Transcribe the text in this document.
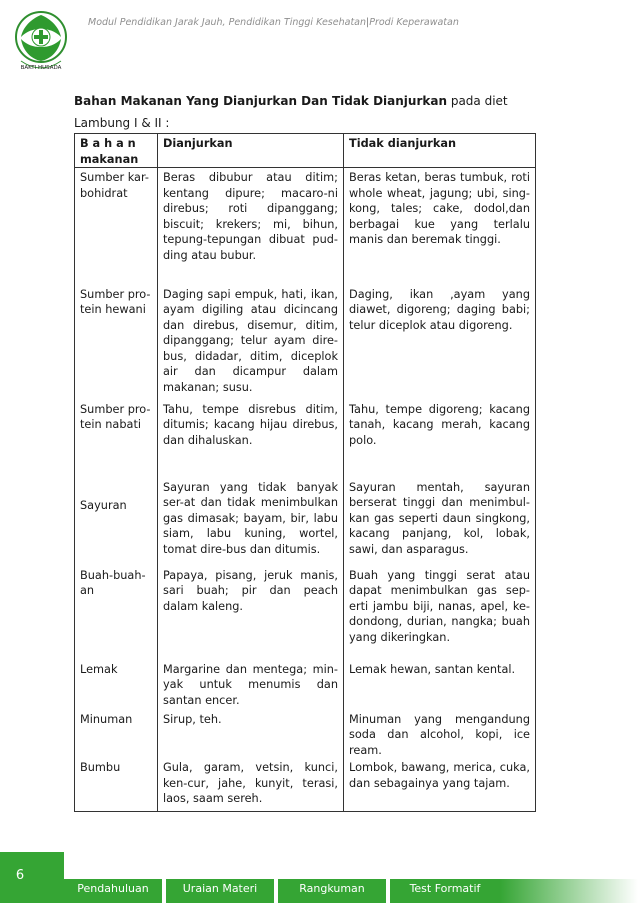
BAKTI HUSADA
Modul Pendidikan Jarak Jauh, Pendidikan Tinggi Kesehatan|Prodi Keperawatan
Bahan Makanan Yang Dianjurkan Dan Tidak Dianjurkan pada diet Lambung I & II :
B a h a n
makanan	Dianjurkan	Tidak dianjurkan
Sumber kar-bohidrat	Beras dibubur atau ditim; kentang dipure; macaro-ni direbus; roti dipanggang; biscuit; krekers; mi, bihun, tepung-tepungan dibuat pud-ding atau bubur.	Beras ketan, beras tumbuk, roti whole wheat, jagung; ubi, sing-kong, tales; cake, dodol,dan berbagai kue yang terlalu manis dan beremak tinggi.
Sumber pro-tein hewani	Daging sapi empuk, hati, ikan, ayam digiling atau dicincang dan direbus, disemur, ditim, dipanggang; telur ayam dire-bus, didadar, ditim, diceplok air dan dicampur dalam makanan; susu.	Daging, ikan ,ayam yang diawet, digoreng; daging babi; telur diceplok atau digoreng.
Sumber pro-tein nabati	Tahu, tempe disrebus ditim, ditumis; kacang hijau direbus, dan dihaluskan.	Tahu, tempe digoreng; kacang tanah, kacang merah, kacang polo.
Sayuran	Sayuran yang tidak banyak ser-at dan tidak menimbulkan gas dimasak; bayam, bir, labu siam, labu kuning, wortel, tomat dire-bus dan ditumis.	Sayuran mentah, sayuran berserat tinggi dan menimbul-kan gas seperti daun singkong, kacang panjang, kol, lobak, sawi, dan asparagus.
Buah-buah-an	Papaya, pisang, jeruk manis, sari buah; pir dan peach dalam kaleng.	Buah yang tinggi serat atau dapat menimbulkan gas sep-erti jambu biji, nanas, apel, ke-dondong, durian, nangka; buah yang dikeringkan.
Lemak	Margarine dan mentega; min-yak untuk menumis dan santan encer.	Lemak hewan, santan kental.
Minuman	Sirup, teh.	Minuman yang mengandung soda dan alcohol, kopi, ice ream.
Bumbu	Gula, garam, vetsin, kunci, ken-cur, jahe, kunyit, terasi, laos, saam sereh.	Lombok, bawang, merica, cuka, dan sebagainya yang tajam.
6
Pendahuluan	Uraian Materi	Rangkuman	Test Formatif
